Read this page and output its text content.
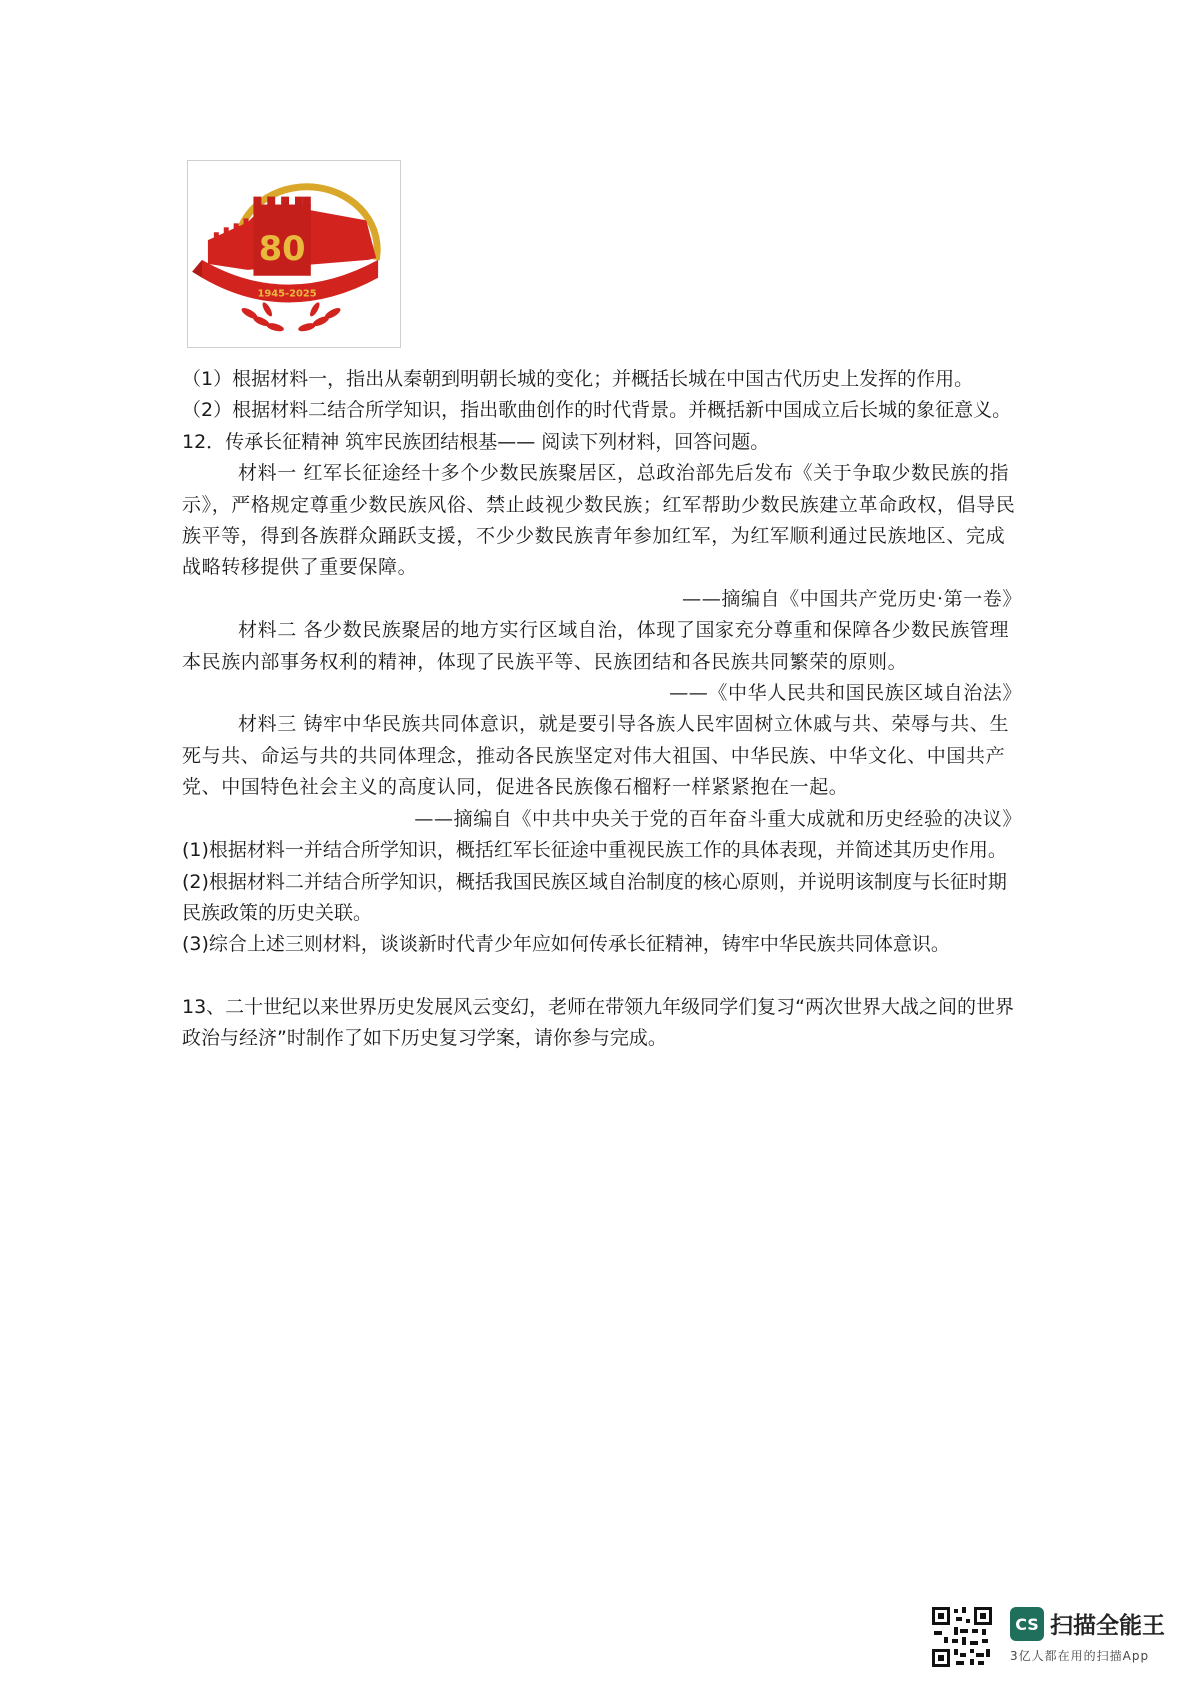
80
1945-2025

（1）根据材料一，指出从秦朝到明朝长城的变化；并概括长城在中国古代历史上发挥的作用。

（2）根据材料二结合所学知识，指出歌曲创作的时代背景。并概括新中国成立后长城的象征意义。

12．传承长征精神 筑牢民族团结根基—— 阅读下列材料，回答问题。

材料一 红军长征途经十多个少数民族聚居区，总政治部先后发布《关于争取少数民族的指示》，严格规定尊重少数民族风俗、禁止歧视少数民族；红军帮助少数民族建立革命政权，倡导民族平等，得到各族群众踊跃支援，不少少数民族青年参加红军，为红军顺利通过民族地区、完成战略转移提供了重要保障。

——摘编自《中国共产党历史·第一卷》

材料二 各少数民族聚居的地方实行区域自治，体现了国家充分尊重和保障各少数民族管理本民族内部事务权利的精神，体现了民族平等、民族团结和各民族共同繁荣的原则。

——《中华人民共和国民族区域自治法》

材料三 铸牢中华民族共同体意识，就是要引导各族人民牢固树立休戚与共、荣辱与共、生死与共、命运与共的共同体理念，推动各民族坚定对伟大祖国、中华民族、中华文化、中国共产党、中国特色社会主义的高度认同，促进各民族像石榴籽一样紧紧抱在一起。

——摘编自《中共中央关于党的百年奋斗重大成就和历史经验的决议》

(1)根据材料一并结合所学知识，概括红军长征途中重视民族工作的具体表现，并简述其历史作用。

(2)根据材料二并结合所学知识，概括我国民族区域自治制度的核心原则，并说明该制度与长征时期民族政策的历史关联。

(3)综合上述三则材料，谈谈新时代青少年应如何传承长征精神，铸牢中华民族共同体意识。

13、二十世纪以来世界历史发展风云变幻，老师在带领九年级同学们复习“两次世界大战之间的世界政治与经济”时制作了如下历史复习学案，请你参与完成。

CS 扫描全能王
3亿人都在用的扫描App
